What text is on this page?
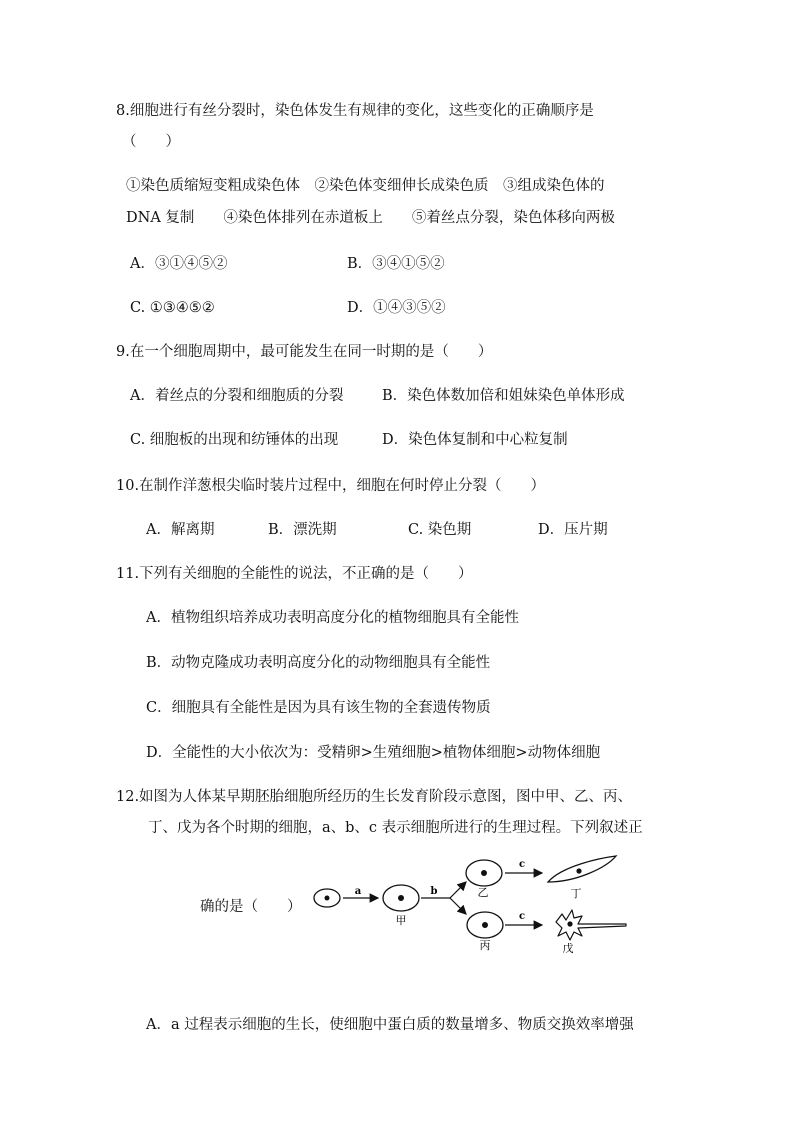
8.细胞进行有丝分裂时，染色体发生有规律的变化，这些变化的正确顺序是
（　　）
①染色质缩短变粗成染色体　②染色体变细伸长成染色质　③组成染色体的
DNA 复制　　④染色体排列在赤道板上　　⑤着丝点分裂，染色体移向两极
A．③①④⑤②	B．③④①⑤②
C. ①③④⑤②	D．①④③⑤②
9.在一个细胞周期中，最可能发生在同一时期的是（　　）
A．着丝点的分裂和细胞质的分裂	B．染色体数加倍和姐妹染色单体形成
C. 细胞板的出现和纺锤体的出现	D．染色体复制和中心粒复制
10.在制作洋葱根尖临时装片过程中，细胞在何时停止分裂（　　）
A．解离期	B．漂洗期	C. 染色期	D．压片期
11.下列有关细胞的全能性的说法，不正确的是（　　）
A．植物组织培养成功表明高度分化的植物细胞具有全能性
B．动物克隆成功表明高度分化的动物细胞具有全能性
C．细胞具有全能性是因为具有该生物的全套遗传物质
D．全能性的大小依次为：受精卵>生殖细胞>植物体细胞>动物体细胞
12.如图为人体某早期胚胎细胞所经历的生长发育阶段示意图，图中甲、乙、丙、
丁、戊为各个时期的细胞，a、b、c 表示细胞所进行的生理过程。下列叙述正
确的是（　　）
a
甲
b	乙
丙
c
c
丁
戊
A．a 过程表示细胞的生长，使细胞中蛋白质的数量增多、物质交换效率增强
